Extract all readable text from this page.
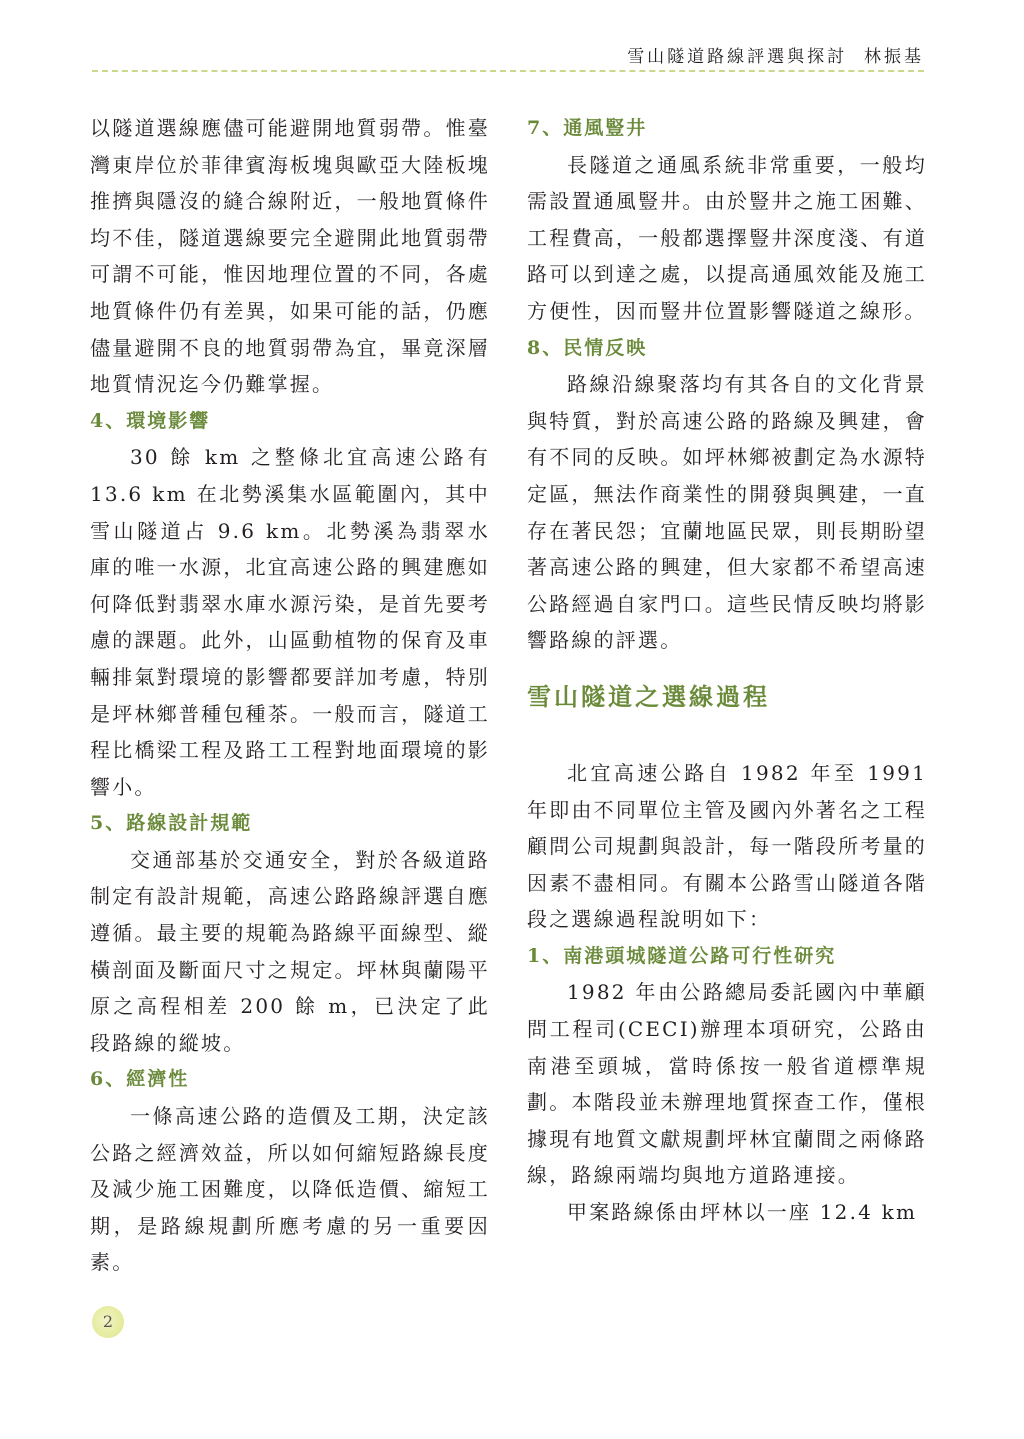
雪山隧道路線評選與探討 林振基

以隧道選線應儘可能避開地質弱帶。惟臺灣東岸位於菲律賓海板塊與歐亞大陸板塊推擠與隱沒的縫合線附近，一般地質條件均不佳，隧道選線要完全避開此地質弱帶可謂不可能，惟因地理位置的不同，各處地質條件仍有差異，如果可能的話，仍應儘量避開不良的地質弱帶為宜，畢竟深層地質情況迄今仍難掌握。

4、環境影響

30 餘 km 之整條北宜高速公路有 13.6 km 在北勢溪集水區範圍內，其中雪山隧道占 9.6 km。北勢溪為翡翠水庫的唯一水源，北宜高速公路的興建應如何降低對翡翠水庫水源污染，是首先要考慮的課題。此外，山區動植物的保育及車輛排氣對環境的影響都要詳加考慮，特別是坪林鄉普種包種茶。一般而言，隧道工程比橋梁工程及路工工程對地面環境的影響小。

5、路線設計規範

交通部基於交通安全，對於各級道路制定有設計規範，高速公路路線評選自應遵循。最主要的規範為路線平面線型、縱橫剖面及斷面尺寸之規定。坪林與蘭陽平原之高程相差 200 餘 m，已決定了此段路線的縱坡。

6、經濟性

一條高速公路的造價及工期，決定該公路之經濟效益，所以如何縮短路線長度及減少施工困難度，以降低造價、縮短工期，是路線規劃所應考慮的另一重要因素。

7、通風豎井

長隧道之通風系統非常重要，一般均需設置通風豎井。由於豎井之施工困難、工程費高，一般都選擇豎井深度淺、有道路可以到達之處，以提高通風效能及施工方便性，因而豎井位置影響隧道之線形。

8、民情反映

路線沿線聚落均有其各自的文化背景與特質，對於高速公路的路線及興建，會有不同的反映。如坪林鄉被劃定為水源特定區，無法作商業性的開發與興建，一直存在著民怨；宜蘭地區民眾，則長期盼望著高速公路的興建，但大家都不希望高速公路經過自家門口。這些民情反映均將影響路線的評選。

雪山隧道之選線過程

北宜高速公路自 1982 年至 1991 年即由不同單位主管及國內外著名之工程顧問公司規劃與設計，每一階段所考量的因素不盡相同。有關本公路雪山隧道各階段之選線過程說明如下：

1、南港頭城隧道公路可行性研究

1982 年由公路總局委託國內中華顧問工程司(CECI)辦理本項研究，公路由南港至頭城，當時係按一般省道標準規劃。本階段並未辦理地質探查工作，僅根據現有地質文獻規劃坪林宜蘭間之兩條路線，路線兩端均與地方道路連接。

甲案路線係由坪林以一座 12.4 km

2
